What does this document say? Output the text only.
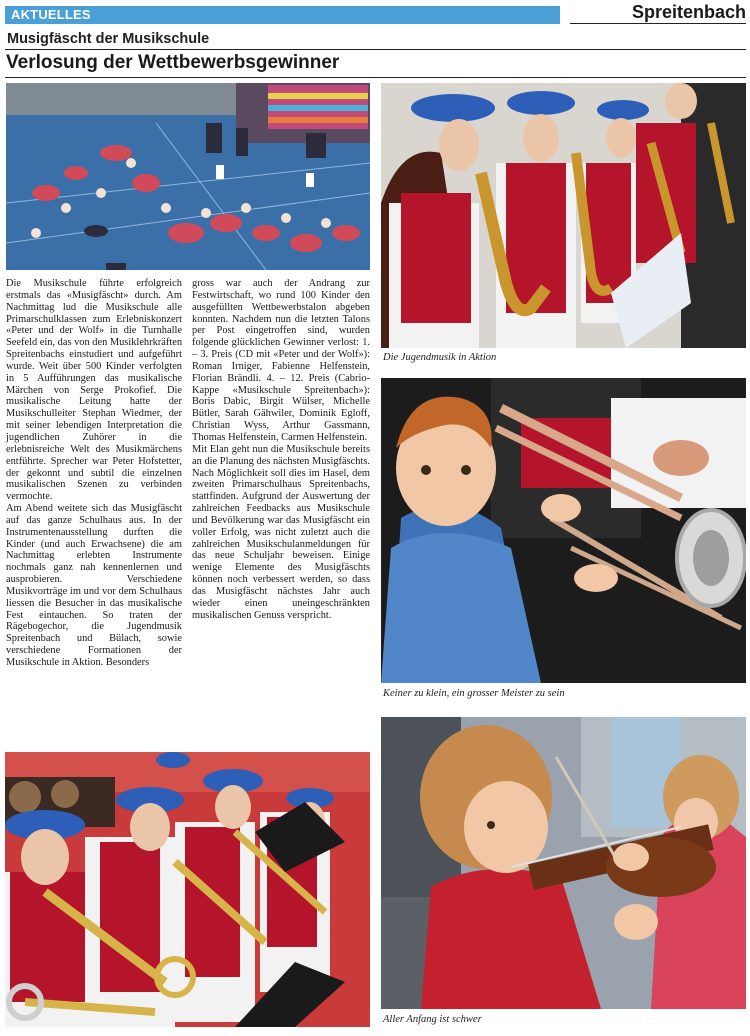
AKTUELLES	Spreitenbach
Musigfäscht der Musikschule
Verlosung der Wettbewerbsgewinner
Die Jugendmusik in Aktion
Keiner zu klein, ein grosser Meister zu sein
Aller Anfang ist schwer

Die Musikschule führte erfolgreich erstmals das «Musigfäscht» durch. Am Nachmittag lud die Musikschule alle Primarschulklassen zum Erlebniskonzert «Peter und der Wolf» in die Turnhalle Seefeld ein, das von den Musiklehrkräften Spreitenbachs einstudiert und aufgeführt wurde. Weit über 500 Kinder verfolgten in 5 Aufführungen das musikalische Märchen von Serge Prokofief. Die musikalische Leitung hatte der Musikschulleiter Stephan Wiedmer, der mit seiner lebendigen Interpretation die jugendlichen Zuhörer in die erlebnisreiche Welt des Musikmärchens entführte. Sprecher war Peter Hofstetter, der gekonnt und subtil die einzelnen musikalischen Szenen zu verbinden vermochte.

Am Abend weitete sich das Musigfäscht auf das ganze Schulhaus aus. In der Instrumentenausstellung durften die Kinder (und auch Erwachsene) die am Nachmittag erlebten Instrumente nochmals ganz nah kennenlernen und ausprobieren. Verschiedene Musikvorträge im und vor dem Schulhaus liessen die Besucher in das musikalische Fest eintauchen. So traten der Rägebogechor, die Jugendmusik Spreitenbach und Bülach, sowie verschiedene Formationen der Musikschule in Aktion. Besonders

gross war auch der Andrang zur Festwirtschaft, wo rund 100 Kinder den ausgefüllten Wettbewerbstalon abgeben konnten. Nachdem nun die letzten Talons per Post eingetroffen sind, wurden folgende glücklichen Gewinner verlost: 1. – 3. Preis (CD mit «Peter und der Wolf»): Roman Irniger, Fabienne Helfenstein, Florian Brändli. 4. – 12. Preis (Cabrio-Kappe «Musikschule Spreitenbach»): Boris Dabic, Birgit Wülser, Michelle Bütler, Sarah Gähwiler, Dominik Egloff, Christian Wyss, Arthur Gassmann, Thomas Helfenstein, Carmen Helfenstein.

Mit Elan geht nun die Musikschule bereits an die Planung des nächsten Musigfäschts. Nach Möglichkeit soll dies im Hasel, dem zweiten Primarschulhaus Spreitenbachs, stattfinden. Aufgrund der Auswertung der zahlreichen Feedbacks aus Musikschule und Bevölkerung war das Musigfäscht ein voller Erfolg, was nicht zuletzt auch die zahlreichen Musikschulanmeldungen für das neue Schuljahr beweisen. Einige wenige Elemente des Musigfäschts können noch verbessert werden, so dass das Musigfäscht nächstes Jahr auch wieder einen uneingeschränkten musikalischen Genuss verspricht.
